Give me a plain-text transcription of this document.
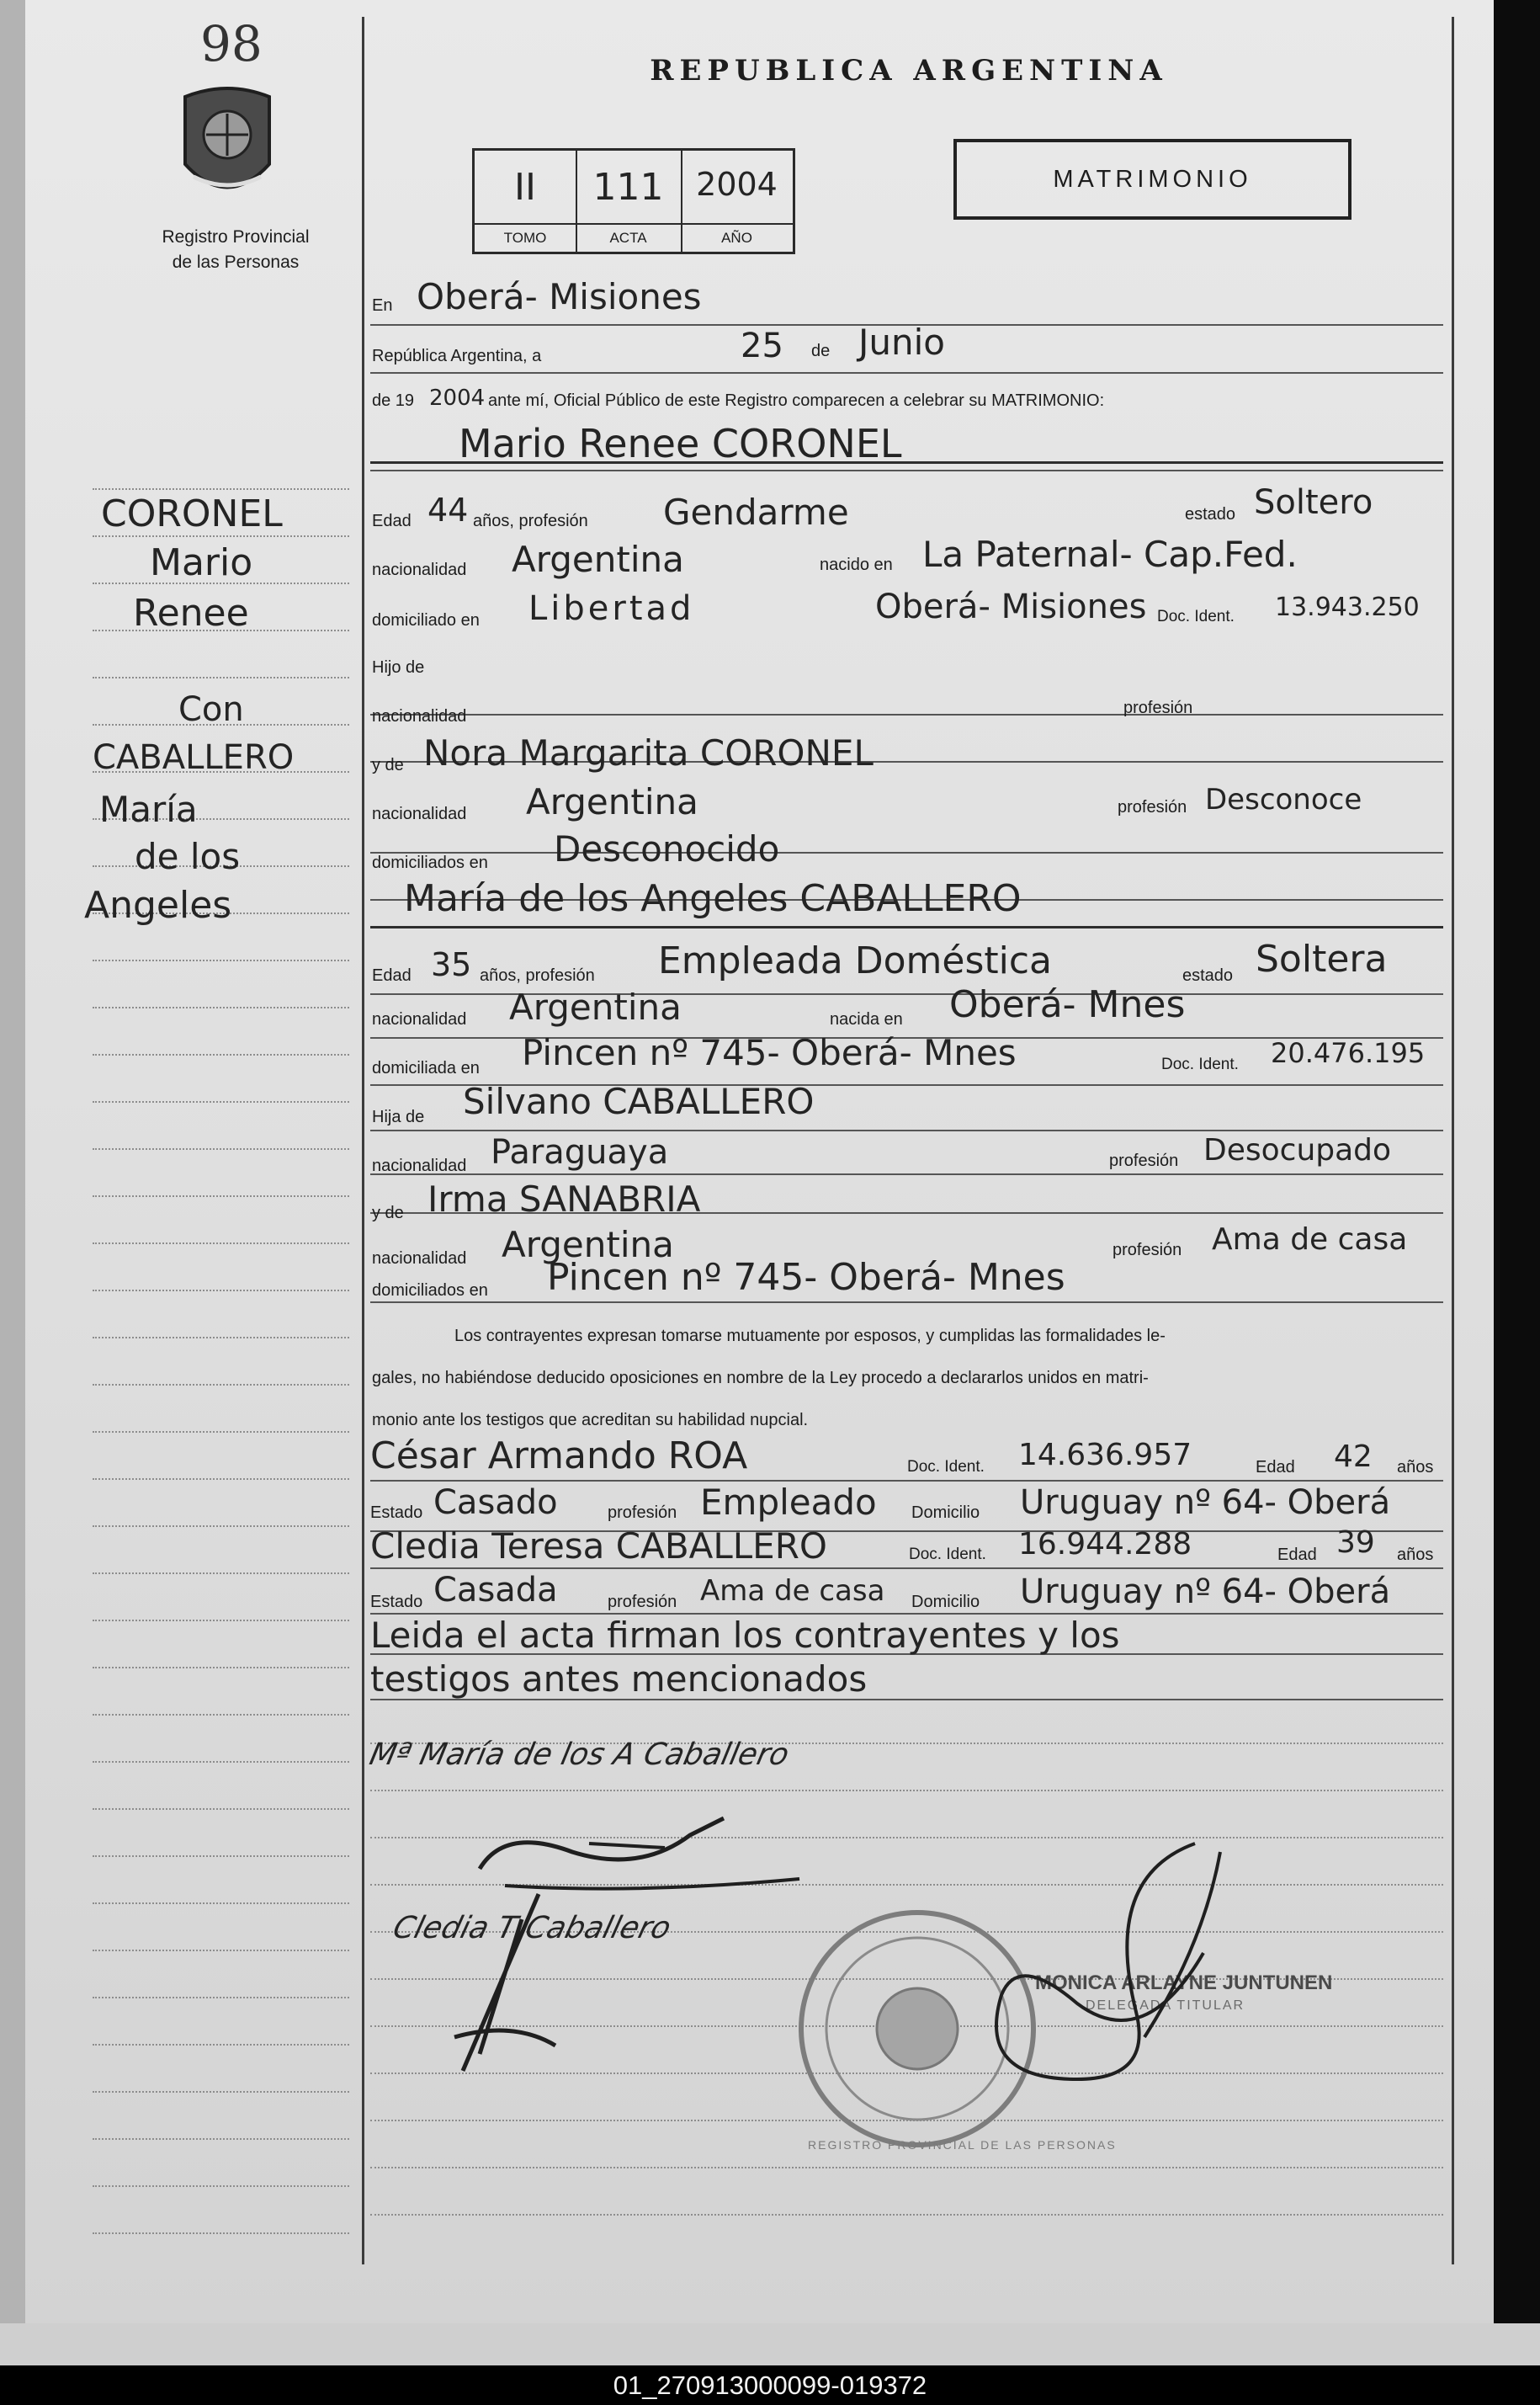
98
Registro Provincial
de las Personas
REPUBLICA ARGENTINA
II
TOMO
111
ACTA
2004
AÑO
MATRIMONIO
CORONEL
Mario
Renee
Con
CABALLERO
María
de los
Angeles
En Oberá- Misiones
República Argentina, a	25 de Junio
de 19 2004 ante mí, Oficial Público de este Registro comparecen a celebrar su MATRIMONIO:
Mario Renee CORONEL
Edad 44 años, profesión Gendarme	estado Soltero
nacionalidad Argentina	nacido en La Paternal- Cap.Fed.
domiciliado en Libertad	Oberá- Misiones Doc. Ident. 13.943.250
Hijo de
nacionalidad	profesión
y de Nora Margarita CORONEL
nacionalidad Argentina	profesión Desconoce
domiciliados en Desconocido
María de los Angeles CABALLERO
Edad 35 años, profesión Empleada Doméstica	estado Soltera
nacionalidad Argentina	nacida en Oberá- Mnes
domiciliada en Pincen nº 745- Oberá- Mnes	Doc. Ident. 20.476.195
Hija de Silvano CABALLERO
nacionalidad Paraguaya	profesión Desocupado
y de Irma SANABRIA
nacionalidad Argentina	profesión Ama de casa
domiciliados en Pincen nº 745- Oberá- Mnes
Los contrayentes expresan tomarse mutuamente por esposos, y cumplidas las formalidades le-
gales, no habiéndose deducido oposiciones en nombre de la Ley procedo a declararlos unidos en matri-
monio ante los testigos que acreditan su habilidad nupcial.
César Armando ROA	Doc. Ident. 14.636.957	Edad 42 años
Estado Casado	profesión Empleado Domicilio Uruguay nº 64- Oberá
Cledia Teresa CABALLERO	Doc. Ident. 16.944.288	Edad 39 años
Estado Casada	profesión Ama de casa Domicilio Uruguay nº 64- Oberá
Leida el acta firman los contrayentes y los
testigos antes mencionados
Mª María de los A Caballero
Cledia T Caballero
REGISTRO PROVINCIAL DE LAS PERSONAS
MONICA ARLAYNE JUNTUNEN
DELEGADA TITULAR
01_270913000099-019372
